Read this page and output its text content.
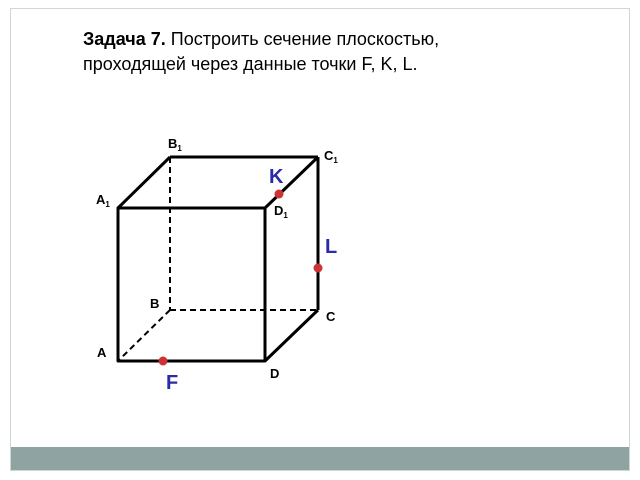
Задача 7. Построить сечение плоскостью,
проходящей через данные точки F, K, L.
$B_1$	$C_1$
$A_1$	$D_1$
B
C
A
D
K
L
F
